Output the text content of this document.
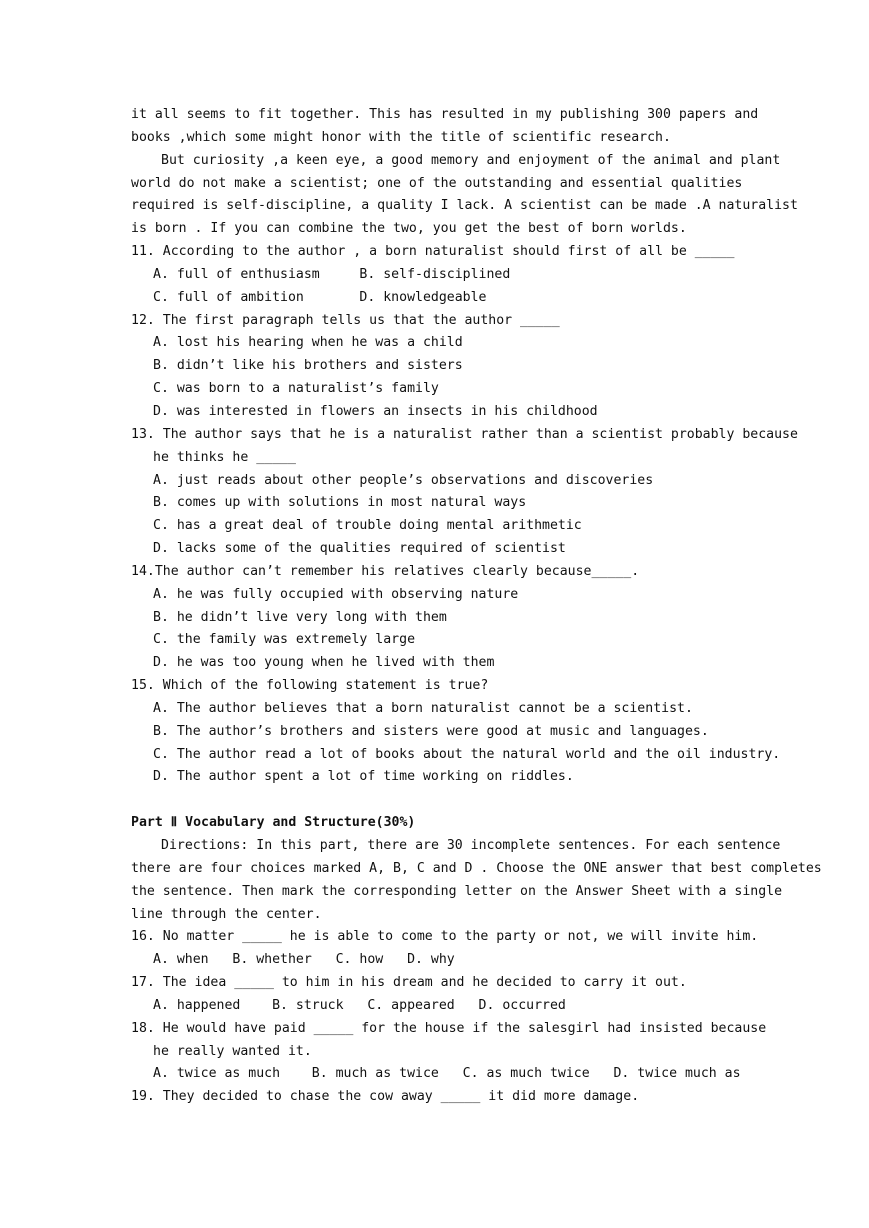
it all seems to fit together. This has resulted in my publishing 300 papers and
books ,which some might honor with the title of scientific research.
But curiosity ,a keen eye, a good memory and enjoyment of the animal and plant
world do not make a scientist; one of the outstanding and essential qualities
required is self-discipline, a quality I lack. A scientist can be made .A naturalist
is born . If you can combine the two, you get the best of born worlds.
11. According to the author , a born naturalist should first of all be _____
A. full of enthusiasm     B. self-disciplined
C. full of ambition       D. knowledgeable
12. The first paragraph tells us that the author _____
A. lost his hearing when he was a child
B. didn’t like his brothers and sisters
C. was born to a naturalist’s family
D. was interested in flowers an insects in his childhood
13. The author says that he is a naturalist rather than a scientist probably because
he thinks he _____
A. just reads about other people’s observations and discoveries
B. comes up with solutions in most natural ways
C. has a great deal of trouble doing mental arithmetic
D. lacks some of the qualities required of scientist
14.The author can’t remember his relatives clearly because_____.
A. he was fully occupied with observing nature
B. he didn’t live very long with them
C. the family was extremely large
D. he was too young when he lived with them
15. Which of the following statement is true?
A. The author believes that a born naturalist cannot be a scientist.
B. The author’s brothers and sisters were good at music and languages.
C. The author read a lot of books about the natural world and the oil industry.
D. The author spent a lot of time working on riddles.
Part Ⅱ Vocabulary and Structure(30%)
Directions: In this part, there are 30 incomplete sentences. For each sentence
there are four choices marked A, B, C and D . Choose the ONE answer that best completes
the sentence. Then mark the corresponding letter on the Answer Sheet with a single
line through the center.
16. No matter _____ he is able to come to the party or not, we will invite him.
A. when   B. whether   C. how   D. why
17. The idea _____ to him in his dream and he decided to carry it out.
A. happened    B. struck   C. appeared   D. occurred
18. He would have paid _____ for the house if the salesgirl had insisted because
he really wanted it.
A. twice as much    B. much as twice   C. as much twice   D. twice much as
19. They decided to chase the cow away _____ it did more damage.
